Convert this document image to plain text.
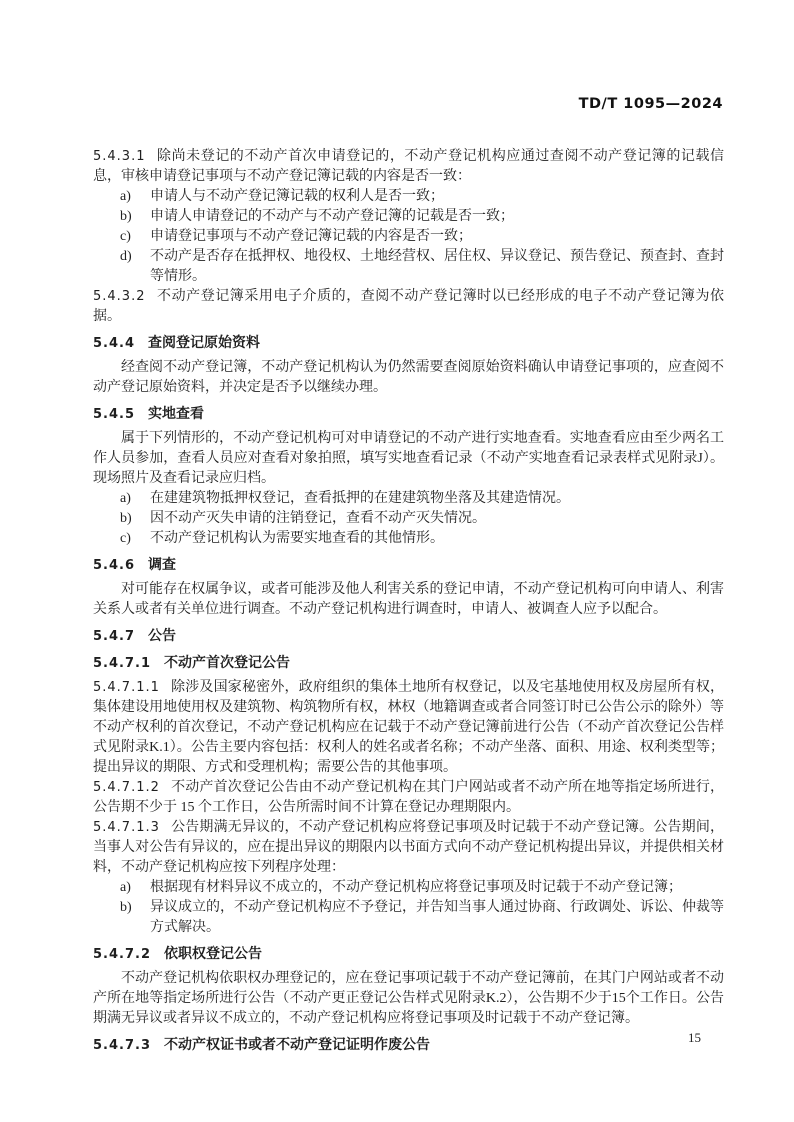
TD/T 1095—2024
5.4.3.1 除尚未登记的不动产首次申请登记的，不动产登记机构应通过查阅不动产登记簿的记载信息，审核申请登记事项与不动产登记簿记载的内容是否一致：
a) 申请人与不动产登记簿记载的权利人是否一致；
b) 申请人申请登记的不动产与不动产登记簿的记载是否一致；
c) 申请登记事项与不动产登记簿记载的内容是否一致；
d) 不动产是否存在抵押权、地役权、土地经营权、居住权、异议登记、预告登记、预查封、查封等情形。
5.4.3.2 不动产登记簿采用电子介质的，查阅不动产登记簿时以已经形成的电子不动产登记簿为依据。
5.4.4 查阅登记原始资料
经查阅不动产登记簿，不动产登记机构认为仍然需要查阅原始资料确认申请登记事项的，应查阅不动产登记原始资料，并决定是否予以继续办理。
5.4.5 实地查看
属于下列情形的，不动产登记机构可对申请登记的不动产进行实地查看。实地查看应由至少两名工作人员参加，查看人员应对查看对象拍照，填写实地查看记录（不动产实地查看记录表样式见附录J）。现场照片及查看记录应归档。
a) 在建建筑物抵押权登记，查看抵押的在建建筑物坐落及其建造情况。
b) 因不动产灭失申请的注销登记，查看不动产灭失情况。
c) 不动产登记机构认为需要实地查看的其他情形。
5.4.6 调查
对可能存在权属争议，或者可能涉及他人利害关系的登记申请，不动产登记机构可向申请人、利害关系人或者有关单位进行调查。不动产登记机构进行调查时，申请人、被调查人应予以配合。
5.4.7 公告
5.4.7.1 不动产首次登记公告
5.4.7.1.1 除涉及国家秘密外，政府组织的集体土地所有权登记，以及宅基地使用权及房屋所有权，集体建设用地使用权及建筑物、构筑物所有权，林权（地籍调查或者合同签订时已公告公示的除外）等不动产权利的首次登记，不动产登记机构应在记载于不动产登记簿前进行公告（不动产首次登记公告样式见附录K.1）。公告主要内容包括：权利人的姓名或者名称；不动产坐落、面积、用途、权利类型等；提出异议的期限、方式和受理机构；需要公告的其他事项。
5.4.7.1.2 不动产首次登记公告由不动产登记机构在其门户网站或者不动产所在地等指定场所进行，公告期不少于 15 个工作日，公告所需时间不计算在登记办理期限内。
5.4.7.1.3 公告期满无异议的，不动产登记机构应将登记事项及时记载于不动产登记簿。公告期间，当事人对公告有异议的，应在提出异议的期限内以书面方式向不动产登记机构提出异议，并提供相关材料，不动产登记机构应按下列程序处理：
a) 根据现有材料异议不成立的，不动产登记机构应将登记事项及时记载于不动产登记簿；
b) 异议成立的，不动产登记机构应不予登记，并告知当事人通过协商、行政调处、诉讼、仲裁等方式解决。
5.4.7.2 依职权登记公告
不动产登记机构依职权办理登记的，应在登记事项记载于不动产登记簿前，在其门户网站或者不动产所在地等指定场所进行公告（不动产更正登记公告样式见附录K.2），公告期不少于15个工作日。公告期满无异议或者异议不成立的，不动产登记机构应将登记事项及时记载于不动产登记簿。
5.4.7.3 不动产权证书或者不动产登记证明作废公告	15
